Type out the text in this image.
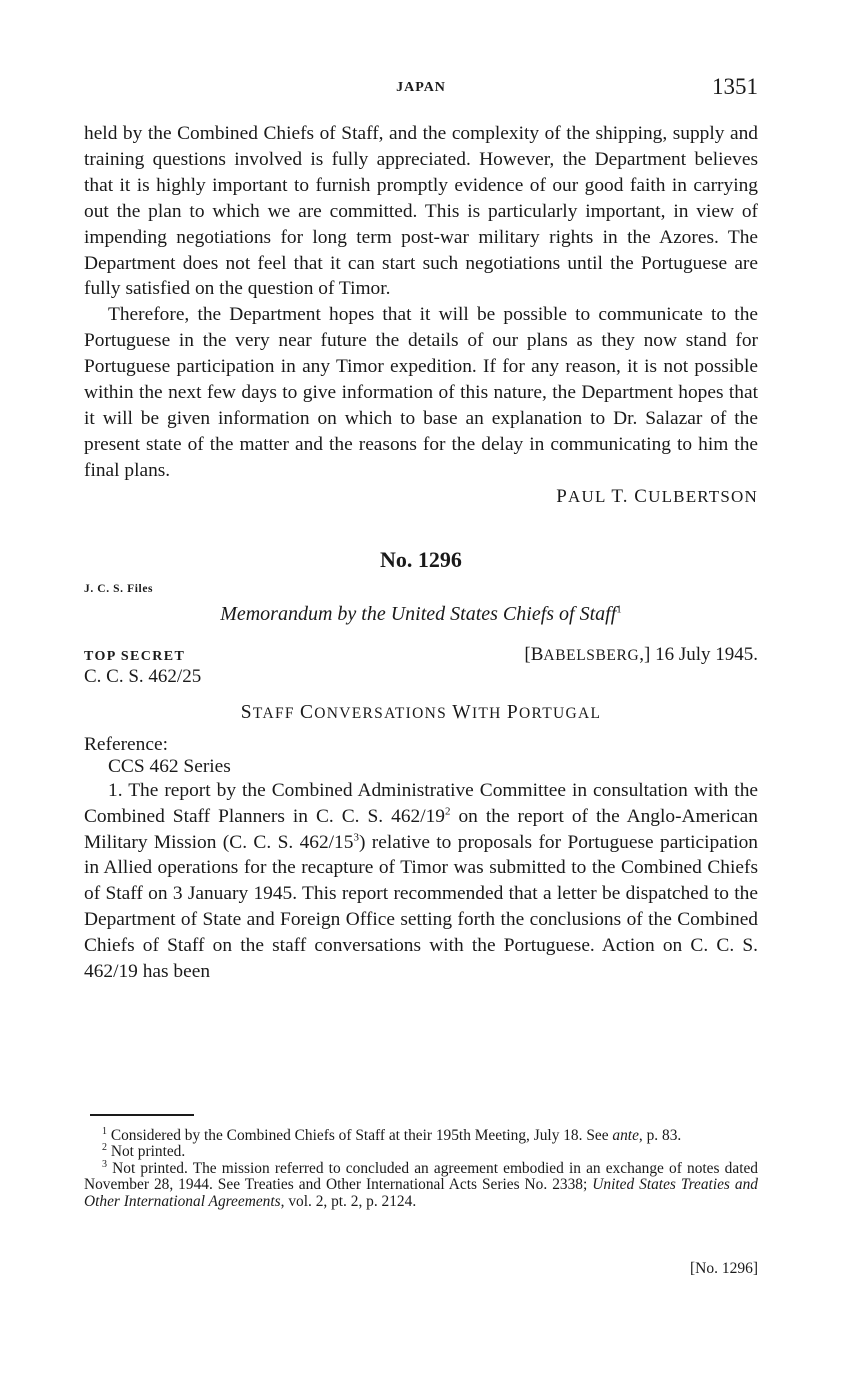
JAPAN	1351

held by the Combined Chiefs of Staff, and the complexity of the shipping, supply and training questions involved is fully appreciated. However, the Department believes that it is highly important to furnish promptly evidence of our good faith in carrying out the plan to which we are committed. This is particularly important, in view of impending negotiations for long term post-war military rights in the Azores. The Department does not feel that it can start such negotiations until the Portuguese are fully satisfied on the question of Timor.

Therefore, the Department hopes that it will be possible to communicate to the Portuguese in the very near future the details of our plans as they now stand for Portuguese participation in any Timor expedition. If for any reason, it is not possible within the next few days to give information of this nature, the Department hopes that it will be given information on which to base an explanation to Dr. Salazar of the present state of the matter and the reasons for the delay in communicating to him the final plans.

PAUL T. CULBERTSON

No. 1296

J. C. S. Files

Memorandum by the United States Chiefs of Staff$^1$

TOP SECRET	[BABELSBERG,] 16 July 1945.

C. C. S. 462/25

STAFF CONVERSATIONS WITH PORTUGAL

Reference:

CCS 462 Series

1. The report by the Combined Administrative Committee in consultation with the Combined Staff Planners in C. C. S. $462/19^2$ on the report of the Anglo-American Military Mission (C. C. S. $462/15^3$) relative to proposals for Portuguese participation in Allied operations for the recapture of Timor was submitted to the Combined Chiefs of Staff on 3 January 1945. This report recommended that a letter be dispatched to the Department of State and Foreign Office setting forth the conclusions of the Combined Chiefs of Staff on the staff conversations with the Portuguese. Action on C. C. S. 462/19 has been

$^1$ Considered by the Combined Chiefs of Staff at their 195th Meeting, July 18. See ante, p. 83.

$^2$ Not printed.

$^3$ Not printed. The mission referred to concluded an agreement embodied in an exchange of notes dated November 28, 1944. See Treaties and Other International Acts Series No. 2338; United States Treaties and Other International Agreements, vol. 2, pt. 2, p. 2124.

[No. 1296]
